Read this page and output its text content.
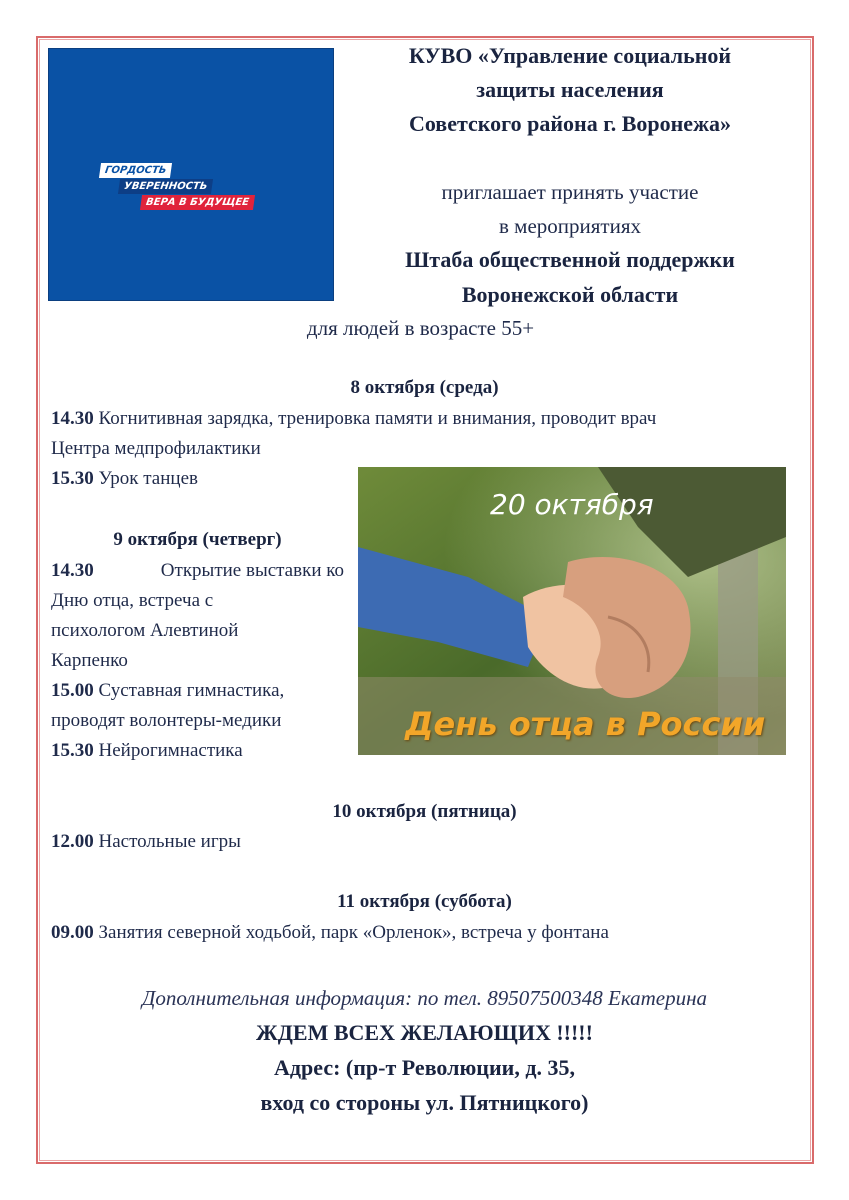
ГОРДОСТЬ
УВЕРЕННОСТЬ
ВЕРА В БУДУЩЕЕ
КУВО «Управление социальной
защиты населения
Советского района г. Воронежа»
приглашает принять участие
в мероприятиях
Штаба общественной поддержки
Воронежской области
для людей в возрасте 55+
8 октября (среда)
14.30 Когнитивная зарядка, тренировка памяти и внимания, проводит врач
Центра медпрофилактики
15.30 Урок танцев
9 октября (четверг)
14.30	Открытие выставки ко
Дню отца, встреча с
психологом Алевтиной
Карпенко
15.00 Суставная гимнастика,
проводят волонтеры-медики
15.30 Нейрогимнастика
20 октября
День отца в России
10 октября (пятница)
12.00 Настольные игры
11 октября (суббота)
09.00 Занятия северной ходьбой, парк «Орленок», встреча у фонтана
Дополнительная информация: по тел. 89507500348 Екатерина
ЖДЕМ ВСЕХ ЖЕЛАЮЩИХ !!!!!
Адрес: (пр-т Революции, д. 35,
вход со стороны ул. Пятницкого)
